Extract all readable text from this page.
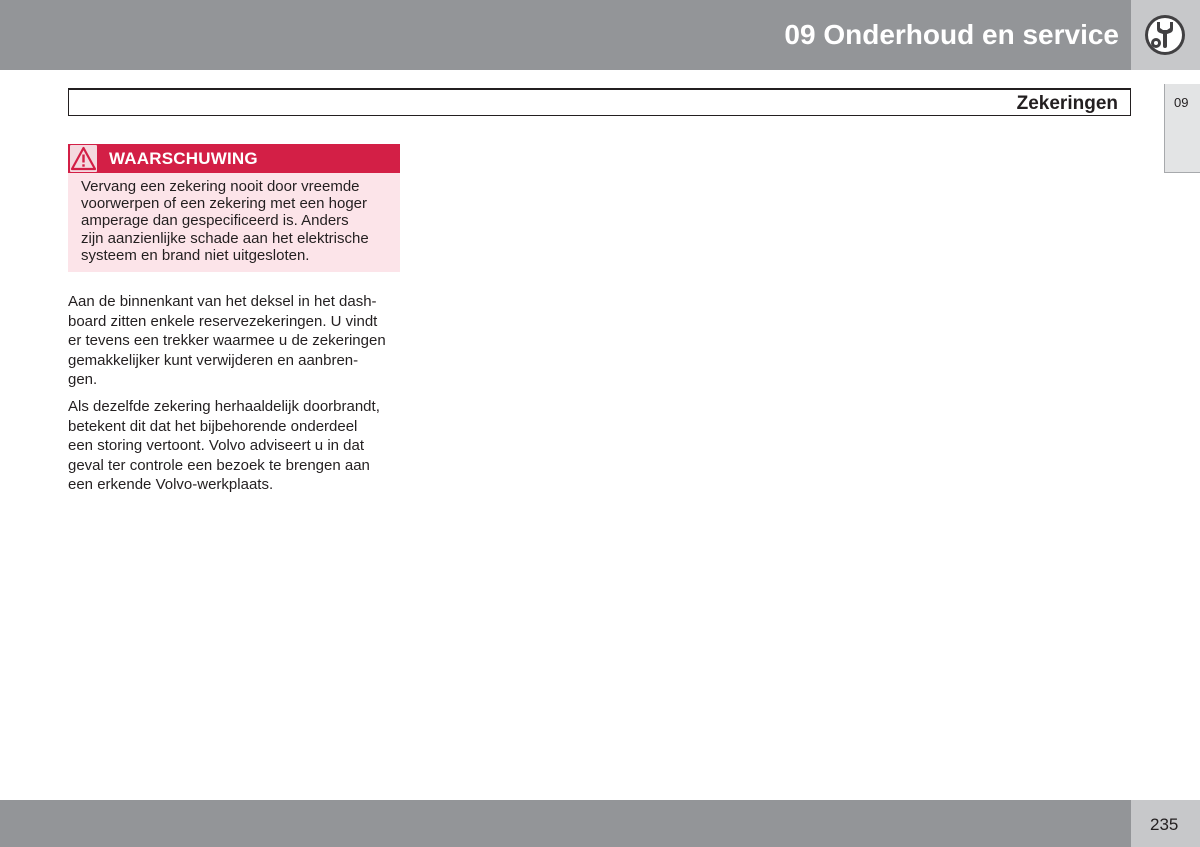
09 Onderhoud en service
09
Zekeringen
WAARSCHUWING
Vervang een zekering nooit door vreemde
voorwerpen of een zekering met een hoger
amperage dan gespecificeerd is. Anders
zijn aanzienlijke schade aan het elektrische
systeem en brand niet uitgesloten.
Aan de binnenkant van het deksel in het dash-
board zitten enkele reservezekeringen. U vindt
er tevens een trekker waarmee u de zekeringen
gemakkelijker kunt verwijderen en aanbren-
gen.
Als dezelfde zekering herhaaldelijk doorbrandt,
betekent dit dat het bijbehorende onderdeel
een storing vertoont. Volvo adviseert u in dat
geval ter controle een bezoek te brengen aan
een erkende Volvo-werkplaats.
235
